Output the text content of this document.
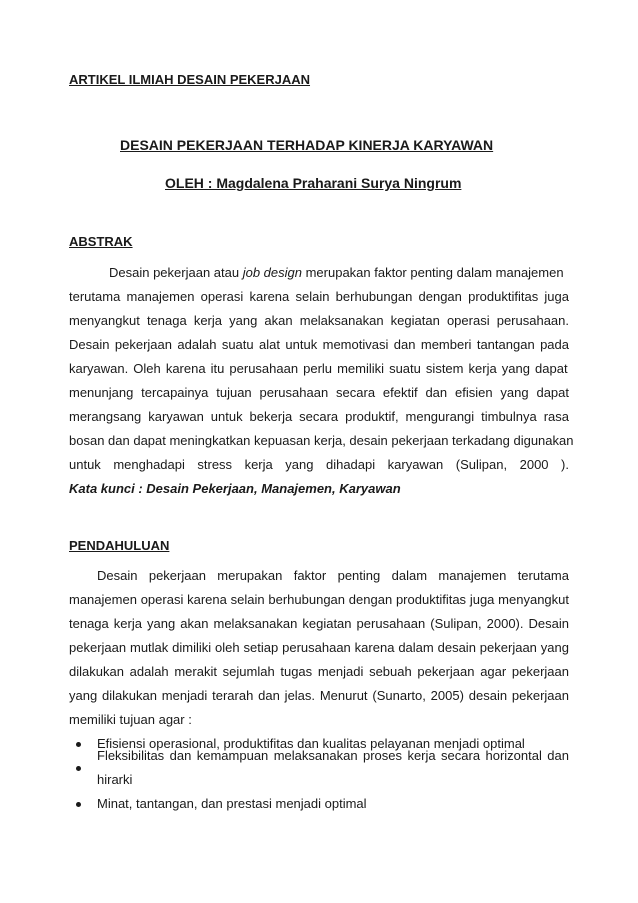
ARTIKEL ILMIAH DESAIN PEKERJAAN
DESAIN PEKERJAAN TERHADAP KINERJA KARYAWAN
OLEH : Magdalena Praharani Surya Ningrum
ABSTRAK
Desain pekerjaan atau job design merupakan faktor penting dalam manajemen
terutama manajemen operasi karena selain berhubungan dengan produktifitas juga
menyangkut tenaga kerja yang akan melaksanakan kegiatan operasi perusahaan.
Desain pekerjaan adalah suatu alat untuk memotivasi dan memberi tantangan pada
karyawan. Oleh karena itu perusahaan perlu memiliki suatu sistem kerja yang dapat
menunjang tercapainya tujuan perusahaan secara efektif dan efisien yang dapat
merangsang karyawan untuk bekerja secara produktif, mengurangi timbulnya rasa
bosan dan dapat meningkatkan kepuasan kerja, desain pekerjaan terkadang digunakan
untuk menghadapi stress kerja yang dihadapi karyawan (Sulipan, 2000 ).
Kata kunci : Desain Pekerjaan, Manajemen, Karyawan
PENDAHULUAN
Desain pekerjaan merupakan faktor penting dalam manajemen terutama
manajemen operasi karena selain berhubungan dengan produktifitas juga menyangkut
tenaga kerja yang akan melaksanakan kegiatan perusahaan (Sulipan, 2000). Desain
pekerjaan mutlak dimiliki oleh setiap perusahaan karena dalam desain pekerjaan yang
dilakukan adalah merakit sejumlah tugas menjadi sebuah pekerjaan agar pekerjaan
yang dilakukan menjadi terarah dan jelas. Menurut (Sunarto, 2005) desain pekerjaan
memiliki tujuan agar :
Efisiensi operasional, produktifitas dan kualitas pelayanan menjadi optimal
Fleksibilitas dan kemampuan melaksanakan proses kerja secara horizontal dan
hirarki
Minat, tantangan, dan prestasi menjadi optimal
